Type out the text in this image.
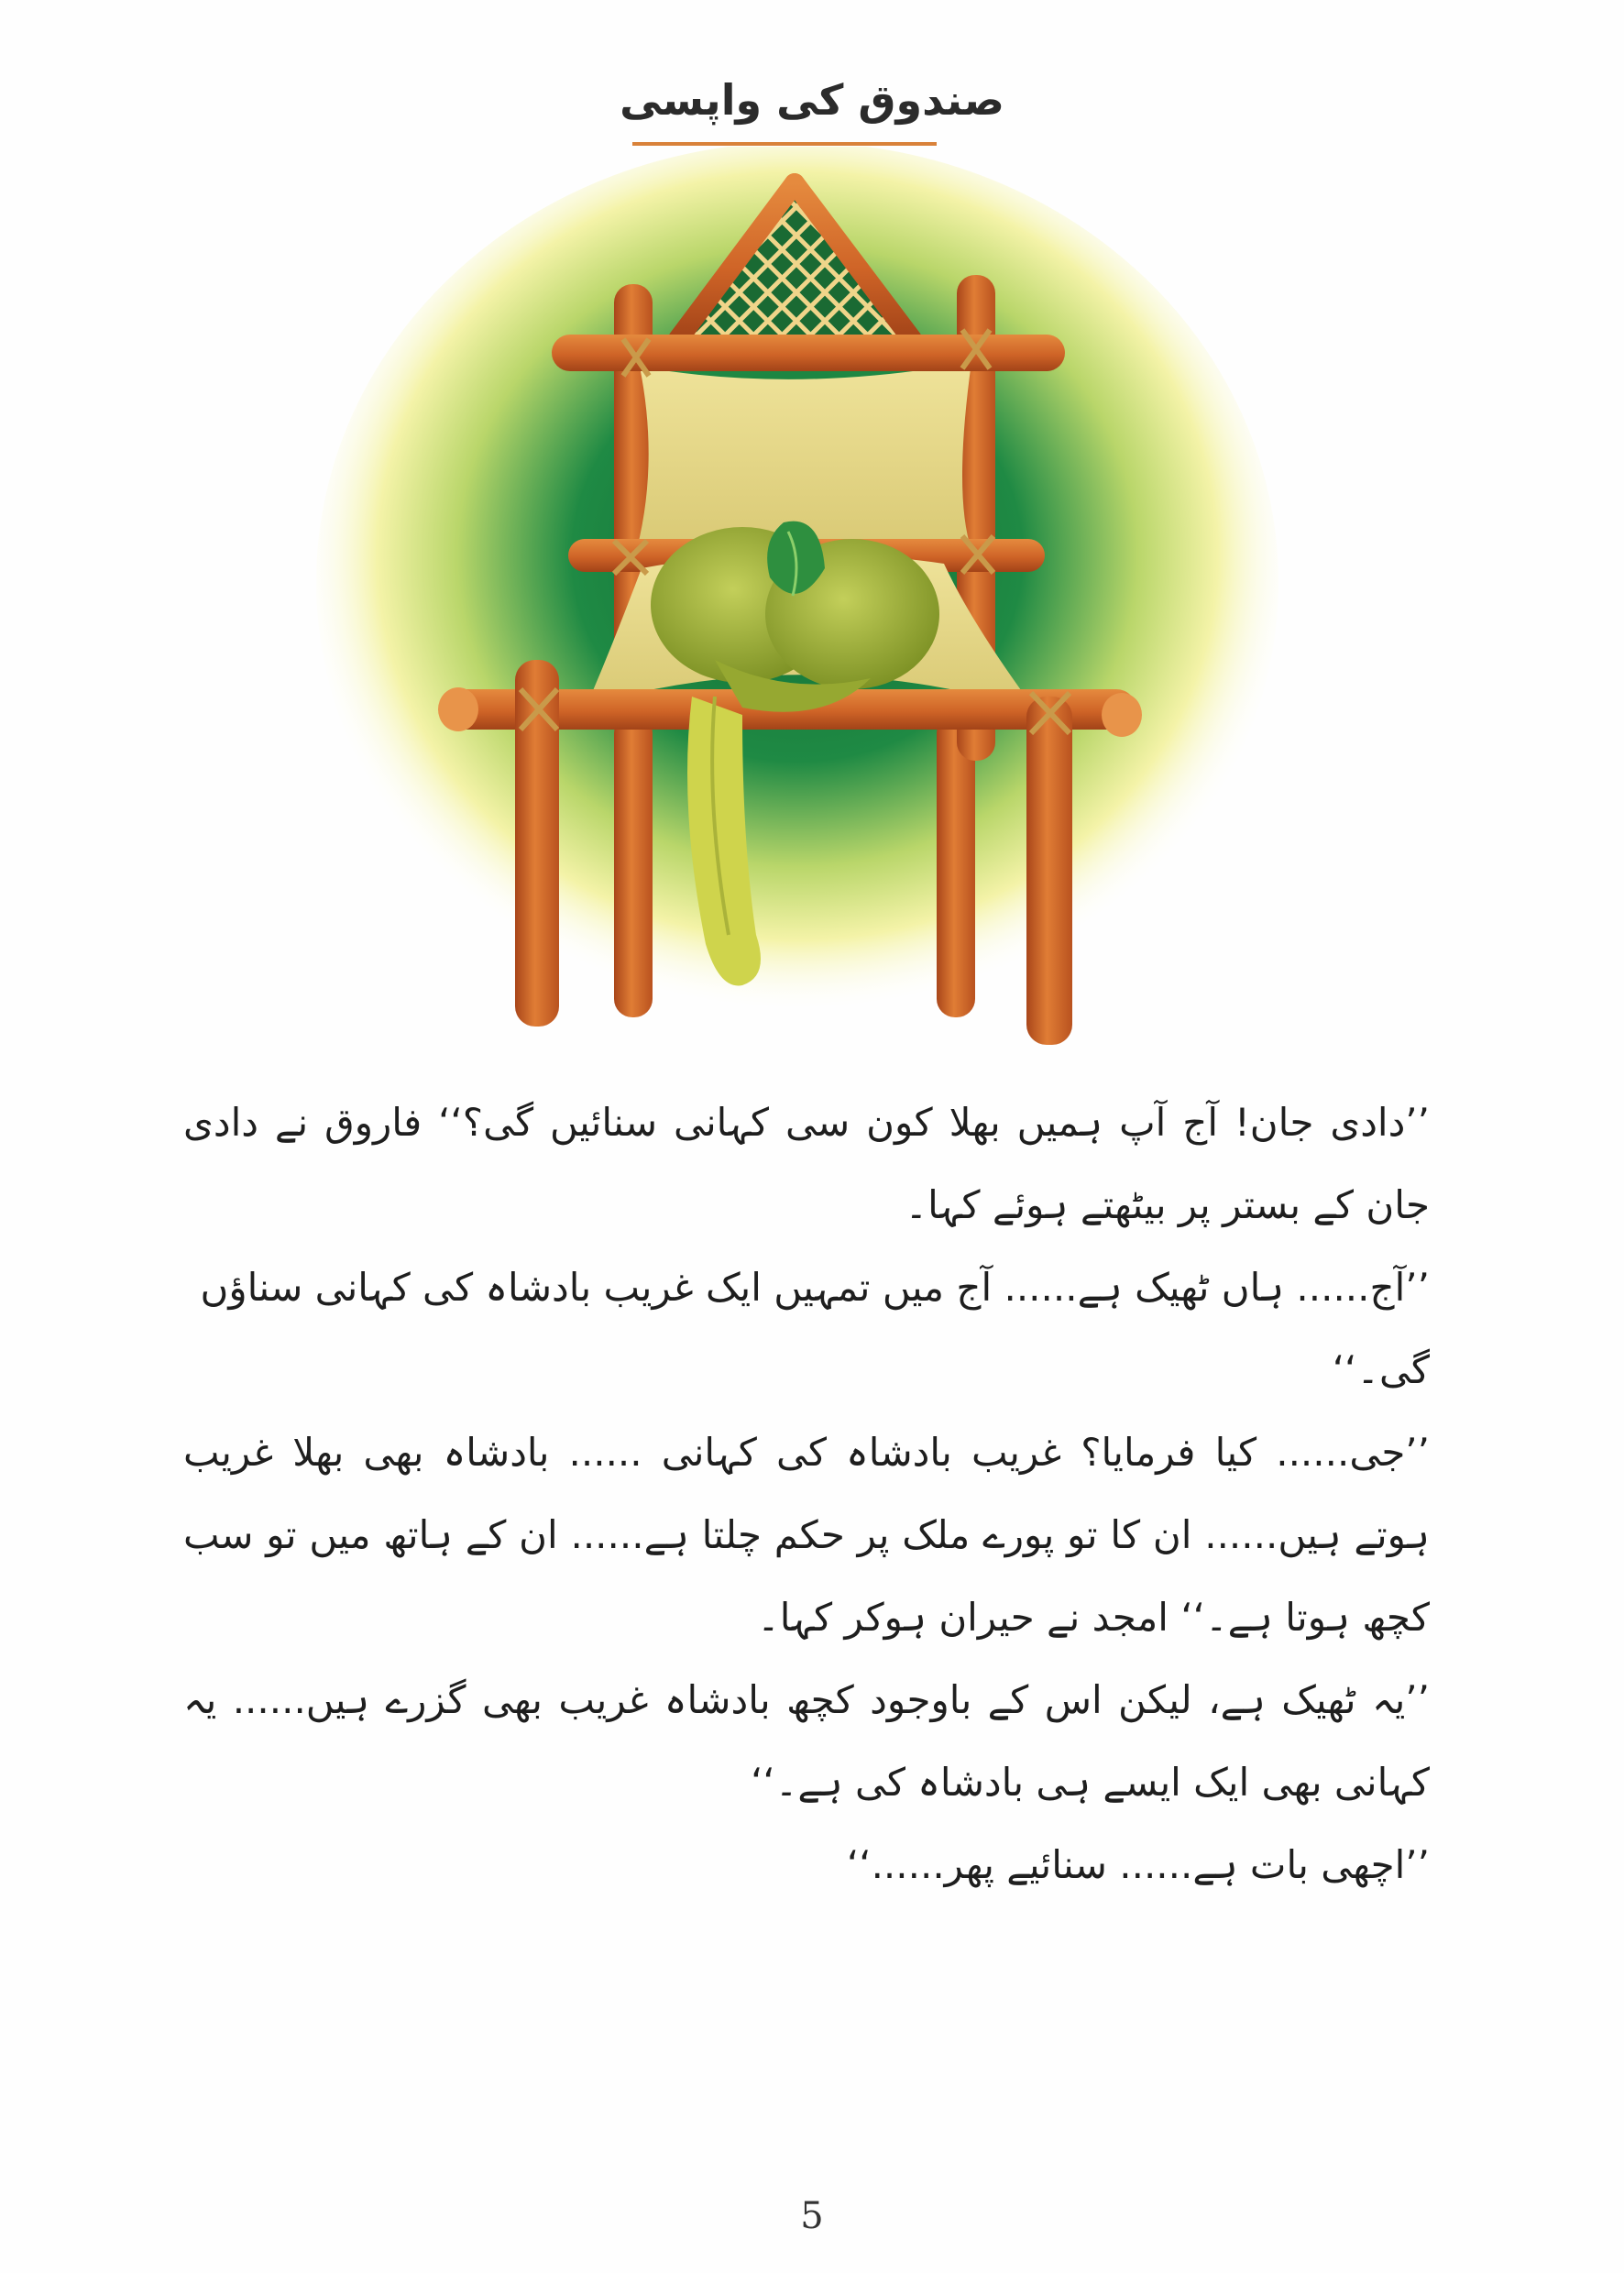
صندوق کی واپسی

’’دادی جان! آج آپ ہمیں بھلا کون سی کہانی سنائیں گی؟‘‘ فاروق نے دادی جان کے بستر پر بیٹھتے ہوئے کہا۔

’’آج...... ہاں ٹھیک ہے...... آج میں تمہیں ایک غریب بادشاہ کی کہانی سناؤں گی۔‘‘

’’جی...... کیا فرمایا؟ غریب بادشاہ کی کہانی ...... بادشاہ بھی بھلا غریب ہوتے ہیں...... ان کا تو پورے ملک پر حکم چلتا ہے...... ان کے ہاتھ میں تو سب کچھ ہوتا ہے۔‘‘ امجد نے حیران ہوکر کہا۔

’’یہ ٹھیک ہے، لیکن اس کے باوجود کچھ بادشاہ غریب بھی گزرے ہیں...... یہ کہانی بھی ایک ایسے ہی بادشاہ کی ہے۔‘‘

’’اچھی بات ہے...... سنائیے پھر......‘‘

5
